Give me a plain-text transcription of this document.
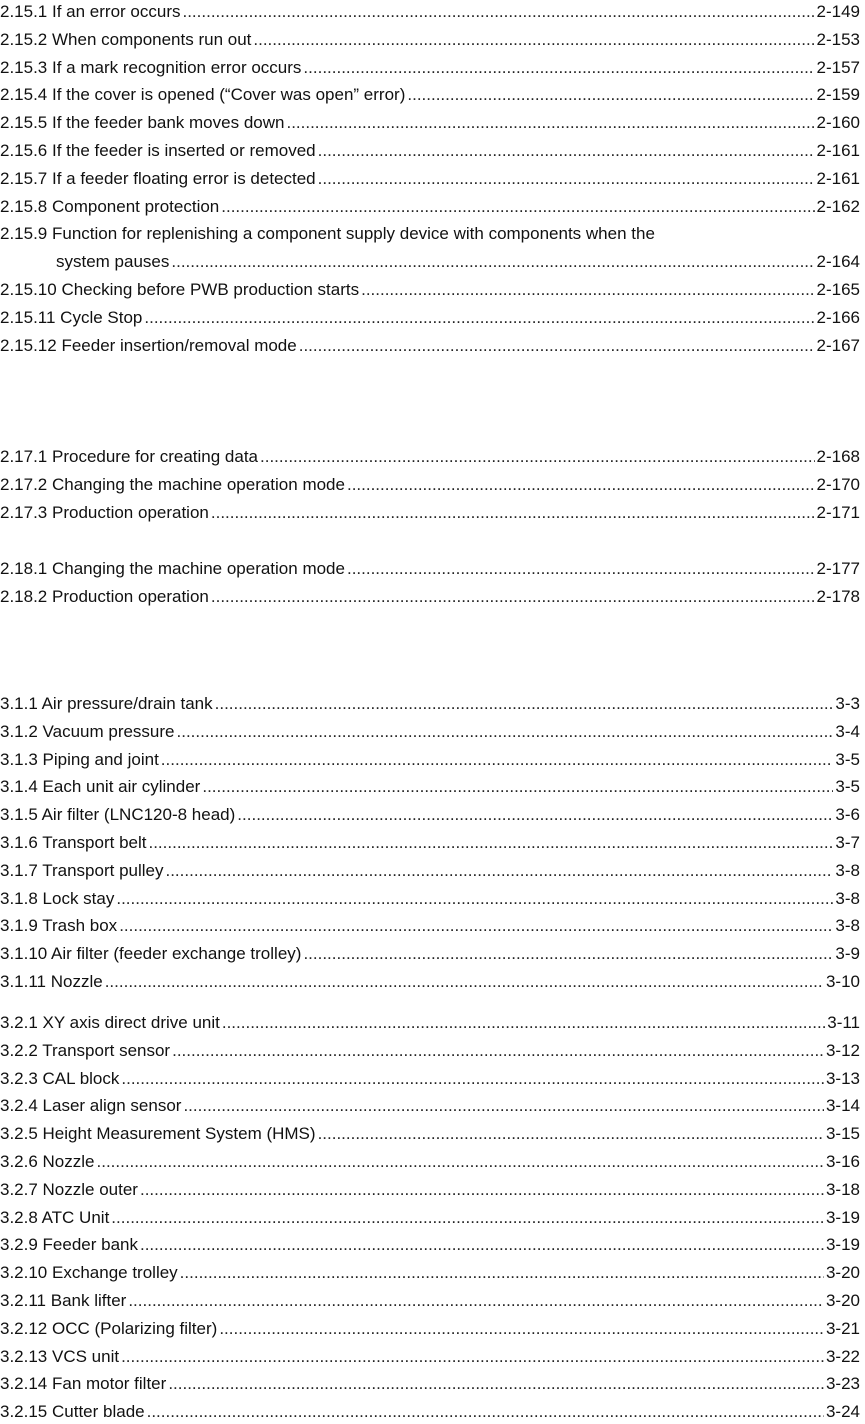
2.15.1 If an error occurs .....	2-149
2.15.2 When components run out .....	2-153
2.15.3 If a mark recognition error occurs .....	2-157
2.15.4 If the cover is opened (“Cover was open” error) .....	2-159
2.15.5 If the feeder bank moves down .....	2-160
2.15.6 If the feeder is inserted or removed .....	2-161
2.15.7 If a feeder floating error is detected .....	2-161
2.15.8 Component protection .....	2-162
2.15.9 Function for replenishing a component supply device with components when the
system pauses .....	2-164
2.15.10 Checking before PWB production starts .....	2-165
2.15.11 Cycle Stop .....	2-166
2.15.12 Feeder insertion/removal mode .....	2-167
2.17.1 Procedure for creating data .....	2-168
2.17.2 Changing the machine operation mode .....	2-170
2.17.3 Production operation .....	2-171
2.18.1 Changing the machine operation mode .....	2-177
2.18.2 Production operation .....	2-178
3.1.1 Air pressure/drain tank .....	3-3
3.1.2 Vacuum pressure .....	3-4
3.1.3 Piping and joint .....	3-5
3.1.4 Each unit air cylinder .....	3-5
3.1.5 Air filter (LNC120-8 head) .....	3-6
3.1.6 Transport belt .....	3-7
3.1.7 Transport pulley .....	3-8
3.1.8 Lock stay .....	3-8
3.1.9 Trash box .....	3-8
3.1.10 Air filter (feeder exchange trolley) .....	3-9
3.1.11 Nozzle .....	3-10
3.2.1 XY axis direct drive unit .....	3-11
3.2.2 Transport sensor .....	3-12
3.2.3 CAL block .....	3-13
3.2.4 Laser align sensor .....	3-14
3.2.5 Height Measurement System (HMS) .....	3-15
3.2.6 Nozzle .....	3-16
3.2.7 Nozzle outer .....	3-18
3.2.8 ATC Unit .....	3-19
3.2.9 Feeder bank .....	3-19
3.2.10 Exchange trolley .....	3-20
3.2.11 Bank lifter .....	3-20
3.2.12 OCC (Polarizing filter) .....	3-21
3.2.13 VCS unit .....	3-22
3.2.14 Fan motor filter .....	3-23
3.2.15 Cutter blade .....	3-24
